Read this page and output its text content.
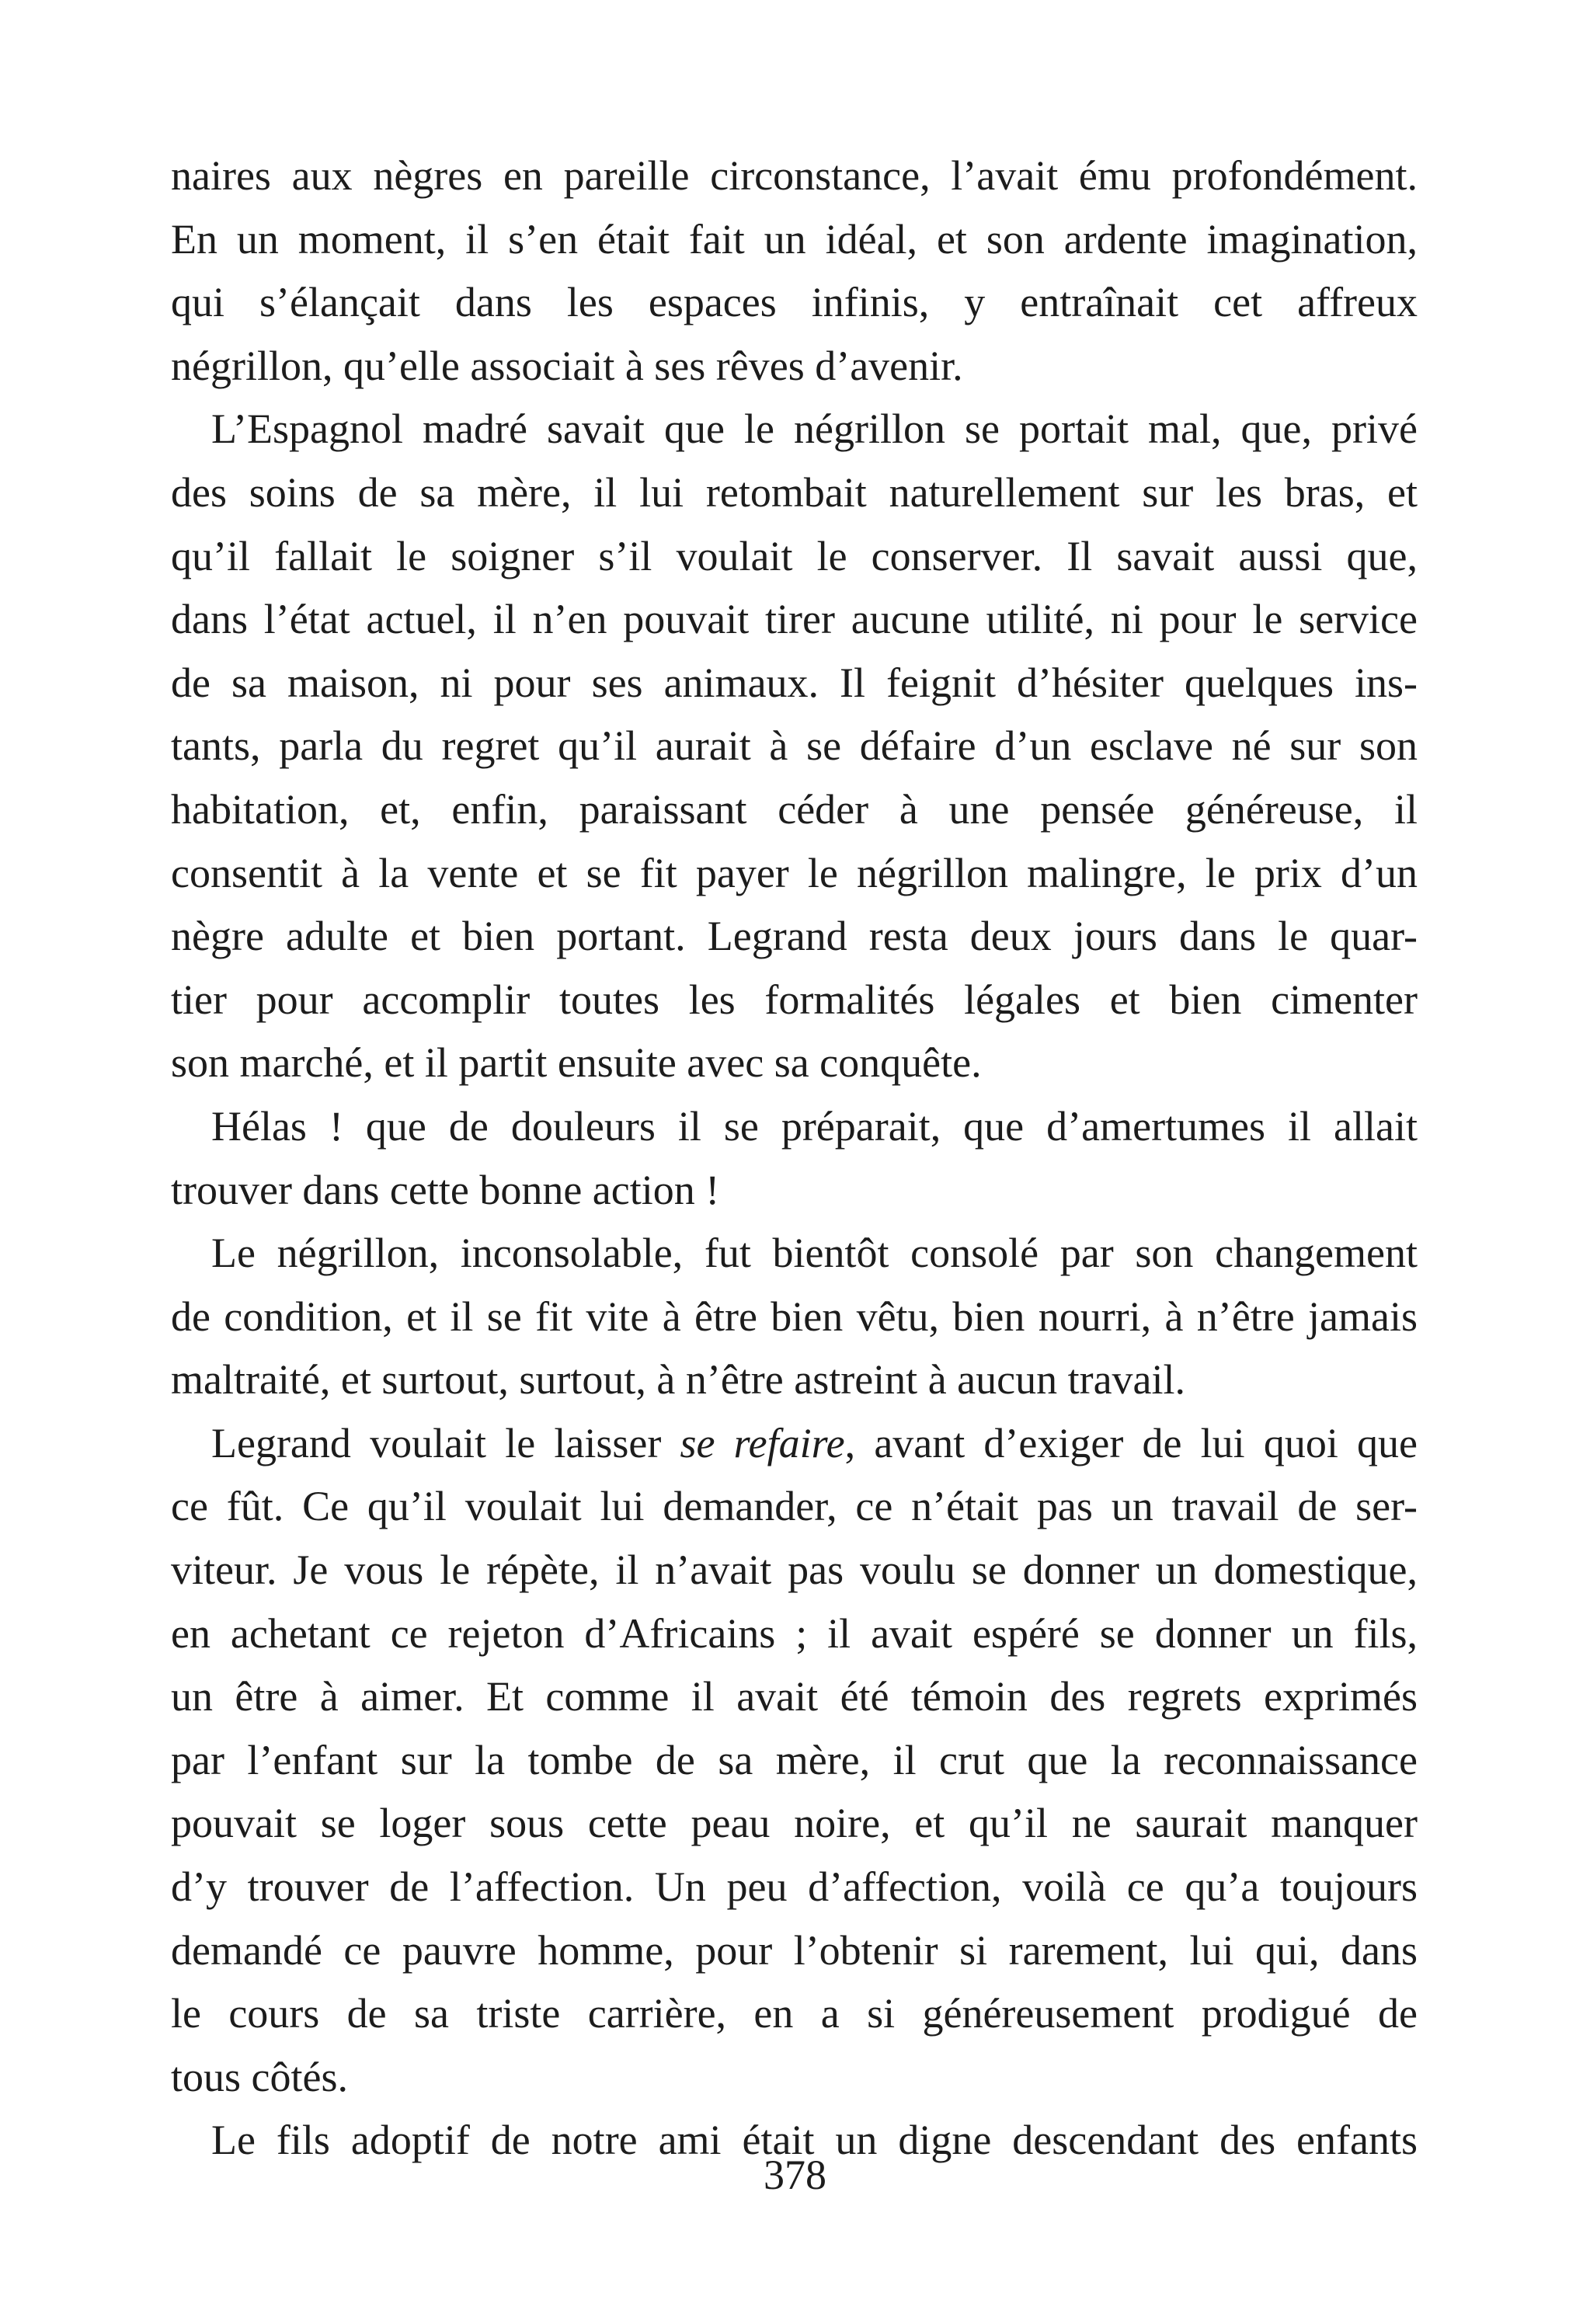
naires aux nègres en pareille circonstance, l’avait ému profondément.
En un moment, il s’en était fait un idéal, et son ardente imagination,
qui s’élançait dans les espaces infinis, y entraînait cet affreux
négrillon, qu’elle associait à ses rêves d’avenir.
L’Espagnol madré savait que le négrillon se portait mal, que, privé
des soins de sa mère, il lui retombait naturellement sur les bras, et
qu’il fallait le soigner s’il voulait le conserver. Il savait aussi que,
dans l’état actuel, il n’en pouvait tirer aucune utilité, ni pour le service
de sa maison, ni pour ses animaux. Il feignit d’hésiter quelques ins-
tants, parla du regret qu’il aurait à se défaire d’un esclave né sur son
habitation, et, enfin, paraissant céder à une pensée généreuse, il
consentit à la vente et se fit payer le négrillon malingre, le prix d’un
nègre adulte et bien portant. Legrand resta deux jours dans le quar-
tier pour accomplir toutes les formalités légales et bien cimenter
son marché, et il partit ensuite avec sa conquête.
Hélas ! que de douleurs il se préparait, que d’amertumes il allait
trouver dans cette bonne action !
Le négrillon, inconsolable, fut bientôt consolé par son changement
de condition, et il se fit vite à être bien vêtu, bien nourri, à n’être jamais
maltraité, et surtout, surtout, à n’être astreint à aucun travail.
Legrand voulait le laisser se refaire, avant d’exiger de lui quoi que
ce fût. Ce qu’il voulait lui demander, ce n’était pas un travail de ser-
viteur. Je vous le répète, il n’avait pas voulu se donner un domestique,
en achetant ce rejeton d’Africains ; il avait espéré se donner un fils,
un être à aimer. Et comme il avait été témoin des regrets exprimés
par l’enfant sur la tombe de sa mère, il crut que la reconnaissance
pouvait se loger sous cette peau noire, et qu’il ne saurait manquer
d’y trouver de l’affection. Un peu d’affection, voilà ce qu’a toujours
demandé ce pauvre homme, pour l’obtenir si rarement, lui qui, dans
le cours de sa triste carrière, en a si généreusement prodigué de
tous côtés.
Le fils adoptif de notre ami était un digne descendant des enfants
378
